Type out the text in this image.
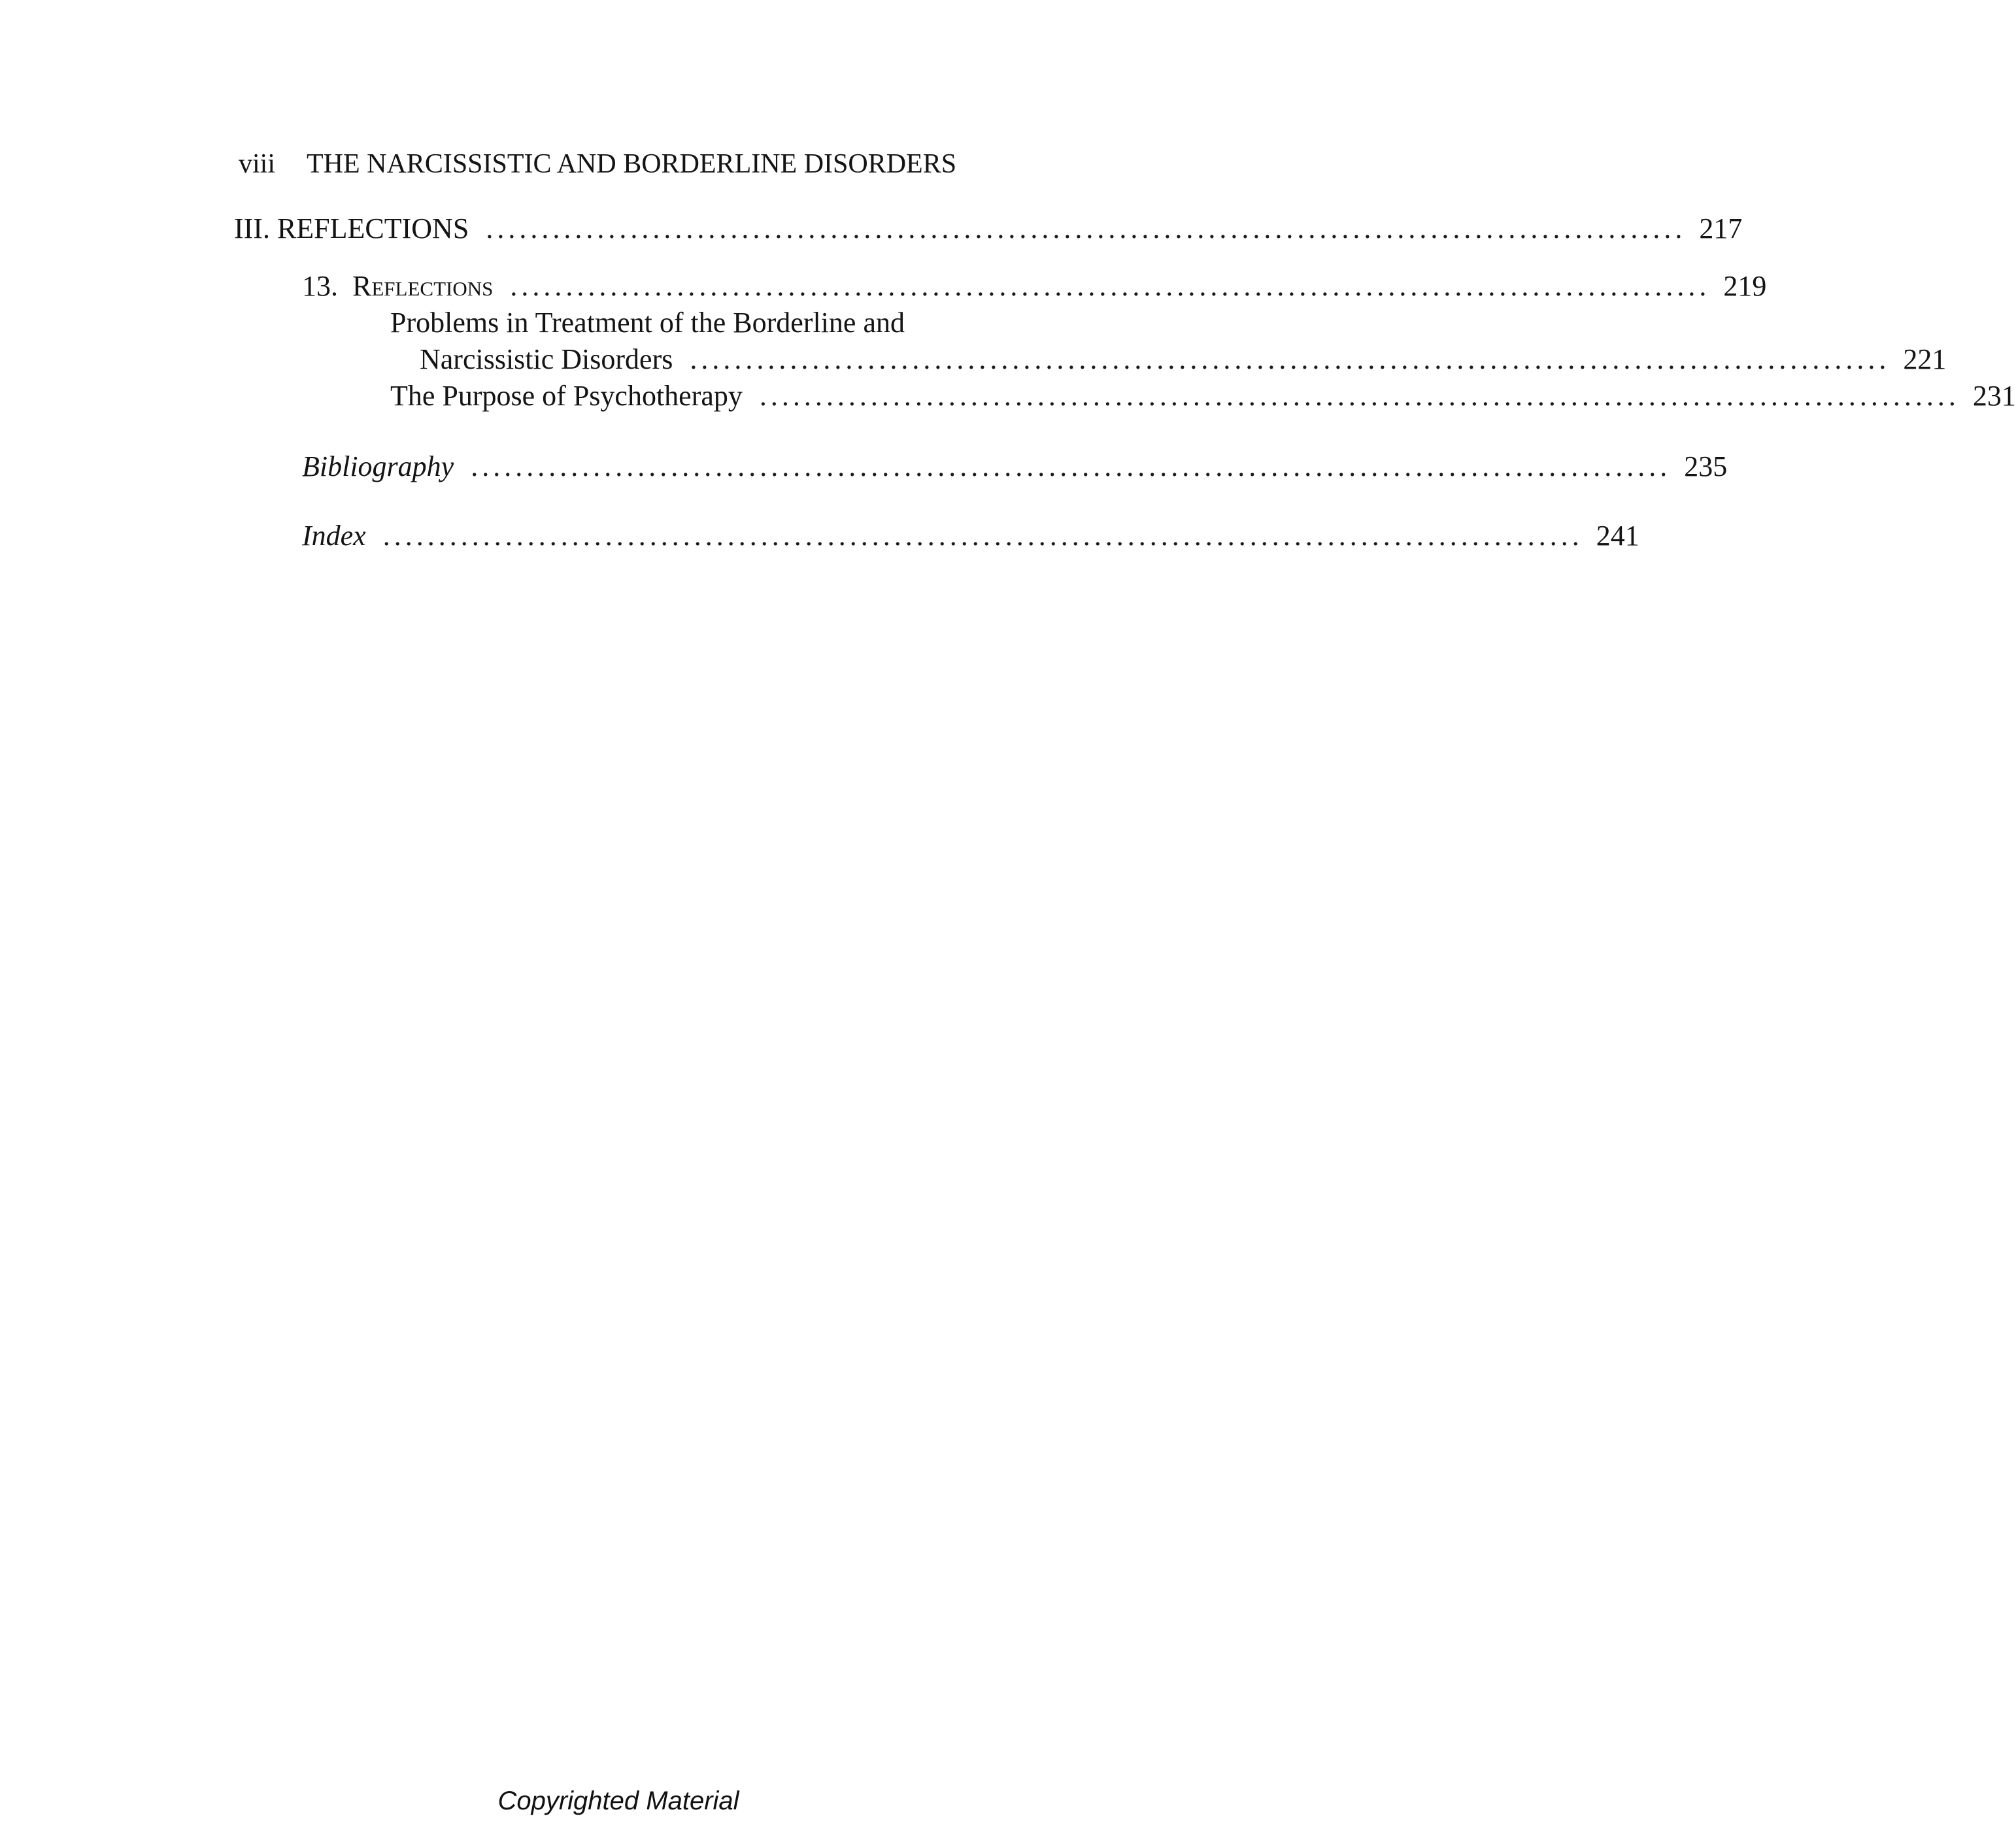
viii THE NARCISSISTIC AND BORDERLINE DISORDERS
III. REFLECTIONS ............................................................................................................ 217
13. Reflections ............................................................................................................ 219
Problems in Treatment of the Borderline and
Narcissistic Disorders ............................................................................................................ 221
The Purpose of Psychotherapy ............................................................................................................ 231
Bibliography ............................................................................................................ 235
Index ............................................................................................................ 241
Copyrighted Material
